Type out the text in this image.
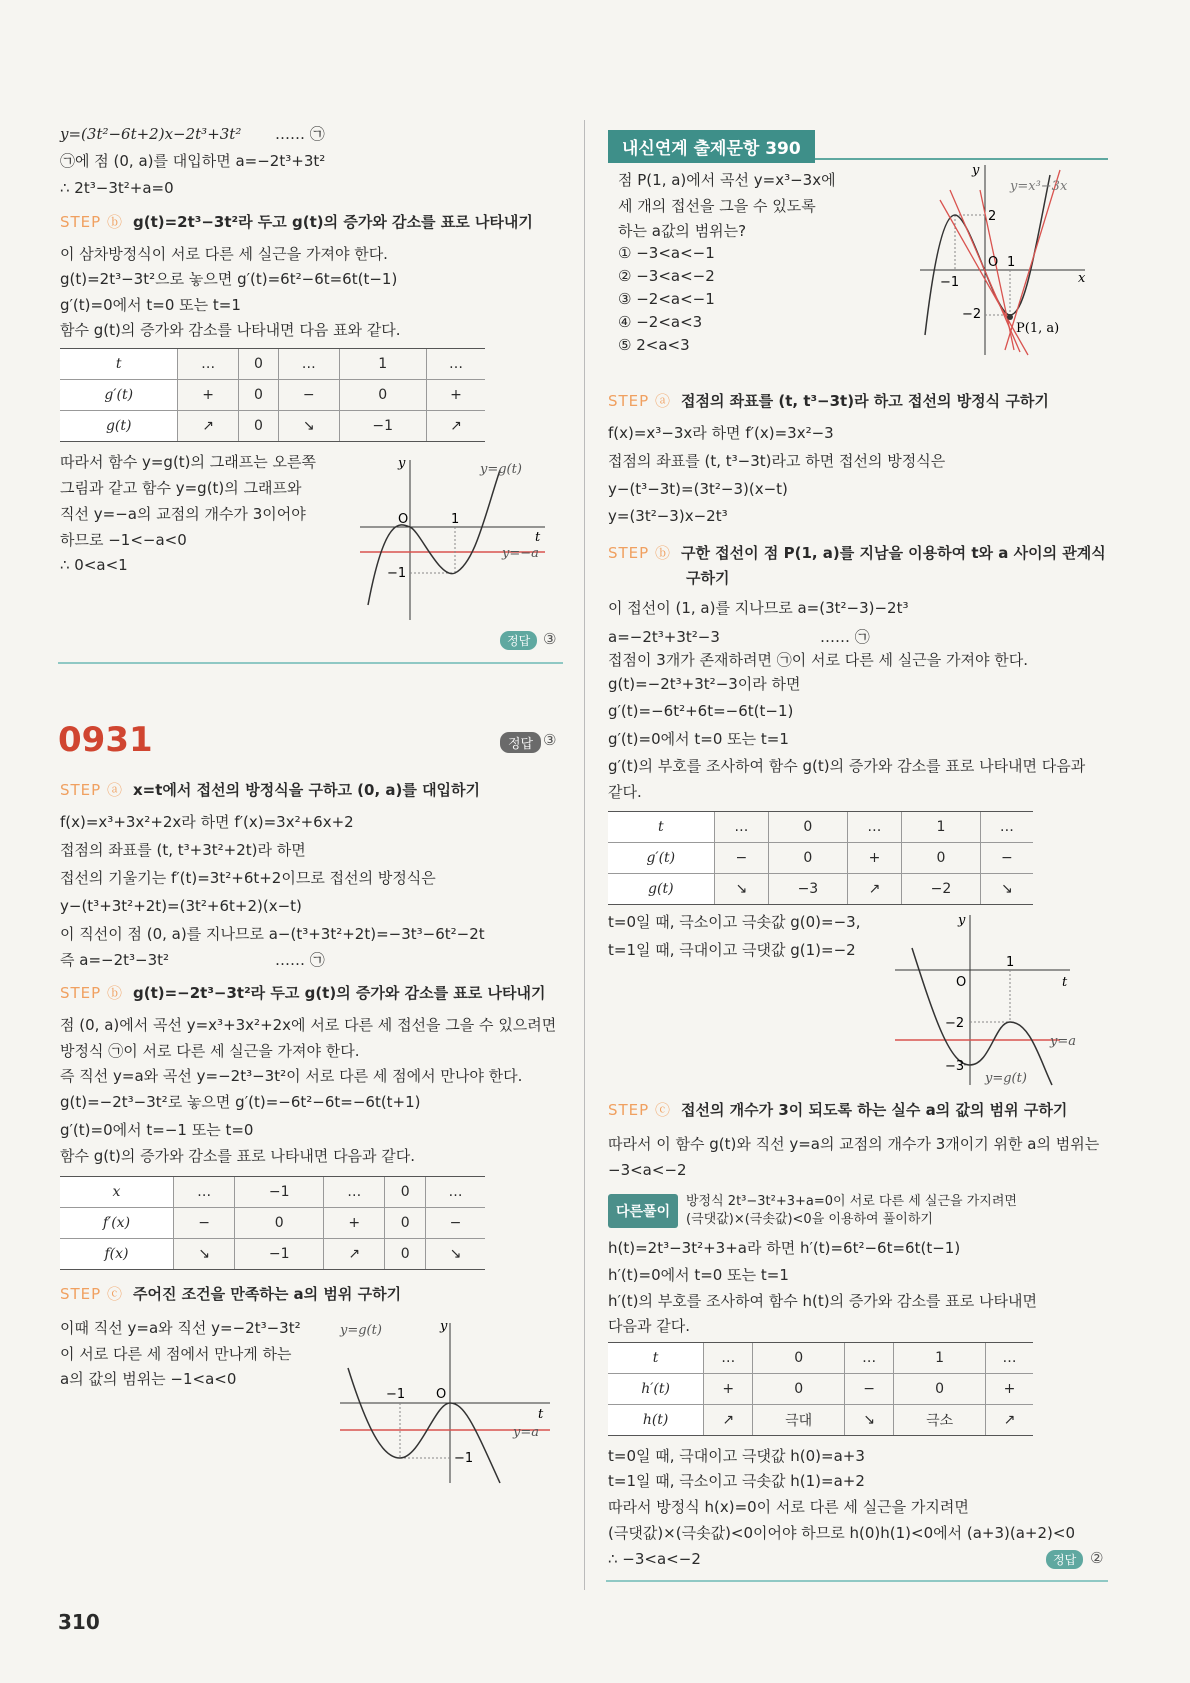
y=(3t²−6t+2)x−2t³+3t² …… ㉠
㉠에 점 (0, a)를 대입하면 a=−2t³+3t²
∴ 2t³−3t²+a=0
STEP ⓑ g(t)=2t³−3t²라 두고 g(t)의 증가와 감소를 표로 나타내기
이 삼차방정식이 서로 다른 세 실근을 가져야 한다.
g(t)=2t³−3t²으로 놓으면 g′(t)=6t²−6t=6t(t−1)
g′(t)=0에서 t=0 또는 t=1
함수 g(t)의 증가와 감소를 나타내면 다음 표와 같다.
t	…	0	…	1	…
g′(t)	+	0	−	0	+
g(t)	↗	0	↘	−1	↗
따라서 함수 y=g(t)의 그래프는 오른쪽
그림과 같고 함수 y=g(t)의 그래프와
직선 y=−a의 교점의 개수가 3이어야
하므로 −1<−a<0
∴ 0<a<1
y
t
y=g(t)
y=−a
O	1
−1
정답 ③
0931	정답 ③
STEP ⓐ x=t에서 접선의 방정식을 구하고 (0, a)를 대입하기
f(x)=x³+3x²+2x라 하면 f′(x)=3x²+6x+2
접점의 좌표를 (t, t³+3t²+2t)라 하면
접선의 기울기는 f′(t)=3t²+6t+2이므로 접선의 방정식은
y−(t³+3t²+2t)=(3t²+6t+2)(x−t)
이 직선이 점 (0, a)를 지나므로 a−(t³+3t²+2t)=−3t³−6t²−2t
즉 a=−2t³−3t²	…… ㉠
STEP ⓑ g(t)=−2t³−3t²라 두고 g(t)의 증가와 감소를 표로 나타내기
점 (0, a)에서 곡선 y=x³+3x²+2x에 서로 다른 세 접선을 그을 수 있으려면
방정식 ㉠이 서로 다른 세 실근을 가져야 한다.
즉 직선 y=a와 곡선 y=−2t³−3t²이 서로 다른 세 점에서 만나야 한다.
g(t)=−2t³−3t²로 놓으면 g′(t)=−6t²−6t=−6t(t+1)
g′(t)=0에서 t=−1 또는 t=0
함수 g(t)의 증가와 감소를 표로 나타내면 다음과 같다.
x	…	−1	…	0	…
f′(x)	−	0	+	0	−
f(x)	↘	−1	↗	0	↘
STEP ⓒ 주어진 조건을 만족하는 a의 범위 구하기
이때 직선 y=a와 직선 y=−2t³−3t²
이 서로 다른 세 점에서 만나게 하는
a의 값의 범위는 −1<a<0
y=g(t)	y
t
y=a
−1 O
−1
310
내신연계 출제문항 390
점 P(1, a)에서 곡선 y=x³−3x에
세 개의 접선을 그을 수 있도록
하는 a값의 범위는?
① −3<a<−1
② −3<a<−2
③ −2<a<−1
④ −2<a<3
⑤ 2<a<3
y
x
y=x³−3x
2
−1
O 1
−2
P(1, a)
STEP ⓐ 접점의 좌표를 (t, t³−3t)라 하고 접선의 방정식 구하기
f(x)=x³−3x라 하면 f′(x)=3x²−3
접점의 좌표를 (t, t³−3t)라고 하면 접선의 방정식은
y−(t³−3t)=(3t²−3)(x−t)
y=(3t²−3)x−2t³
STEP ⓑ 구한 접선이 점 P(1, a)를 지남을 이용하여 t와 a 사이의 관계식
구하기
이 접선이 (1, a)를 지나므로 a=(3t²−3)−2t³
a=−2t³+3t²−3	…… ㉠
접점이 3개가 존재하려면 ㉠이 서로 다른 세 실근을 가져야 한다.
g(t)=−2t³+3t²−3이라 하면
g′(t)=−6t²+6t=−6t(t−1)
g′(t)=0에서 t=0 또는 t=1
g′(t)의 부호를 조사하여 함수 g(t)의 증가와 감소를 표로 나타내면 다음과
같다.
t	…	0	…	1	…
g′(t)	−	0	+	0	−
g(t)	↘	−3	↗	−2	↘
t=0일 때, 극소이고 극솟값 g(0)=−3,
t=1일 때, 극대이고 극댓값 g(1)=−2
y
t
1
O
−2
−3
y=a
y=g(t)
STEP ⓒ 접선의 개수가 3이 되도록 하는 실수 a의 값의 범위 구하기
따라서 이 함수 g(t)와 직선 y=a의 교점의 개수가 3개이기 위한 a의 범위는
−3<a<−2
다른풀이
방정식 2t³−3t²+3+a=0이 서로 다른 세 실근을 가지려면
(극댓값)×(극솟값)<0을 이용하여 풀이하기
h(t)=2t³−3t²+3+a라 하면 h′(t)=6t²−6t=6t(t−1)
h′(t)=0에서 t=0 또는 t=1
h′(t)의 부호를 조사하여 함수 h(t)의 증가와 감소를 표로 나타내면
다음과 같다.
t	…	0	…	1	…
h′(t)	+	0	−	0	+
h(t)	↗	극대	↘	극소	↗
t=0일 때, 극대이고 극댓값 h(0)=a+3
t=1일 때, 극소이고 극솟값 h(1)=a+2
따라서 방정식 h(x)=0이 서로 다른 세 실근을 가지려면
(극댓값)×(극솟값)<0이어야 하므로 h(0)h(1)<0에서 (a+3)(a+2)<0
∴ −3<a<−2	정답 ②
